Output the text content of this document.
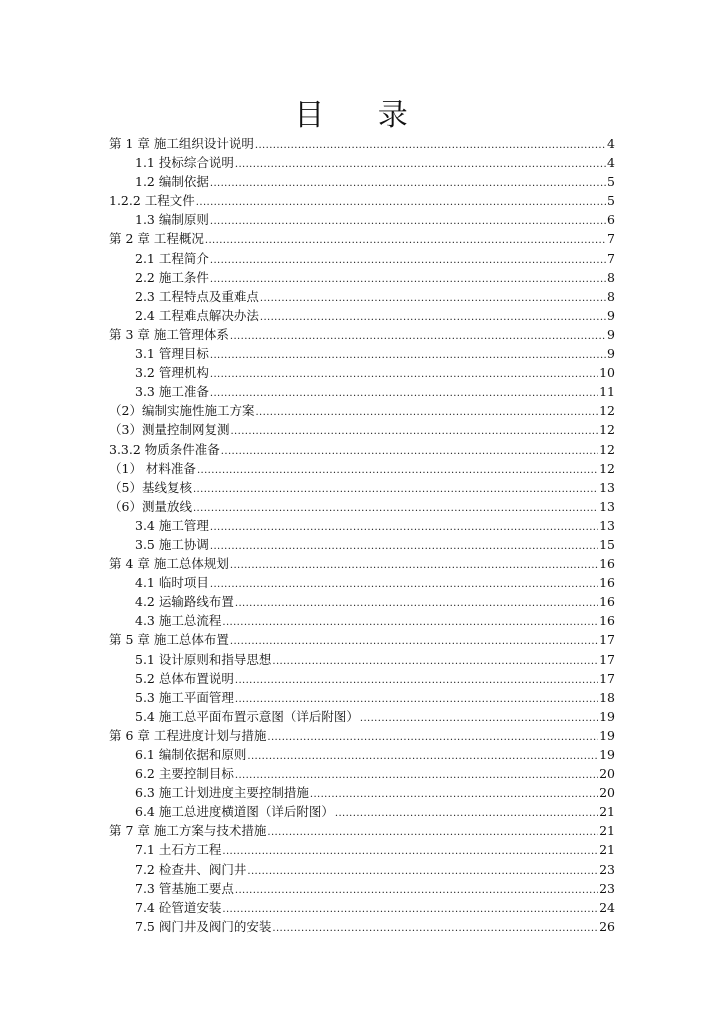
目 录
第 1 章 施工组织设计说明 .....	4
1.1 投标综合说明 .....	4
1.2 编制依据 .....	5
1.2.2 工程文件 .....	5
1.3 编制原则 .....	6
第 2 章 工程概况 .....	7
2.1 工程简介 .....	7
2.2 施工条件 .....	8
2.3 工程特点及重难点 .....	8
2.4 工程难点解决办法 .....	9
第 3 章 施工管理体系 .....	9
3.1 管理目标 .....	9
3.2 管理机构 .....	10
3.3 施工准备 .....	11
（2）编制实施性施工方案 .....	12
（3）测量控制网复测 .....	12
3.3.2 物质条件准备 .....	12
（1） 材料准备 .....	12
（5）基线复核 .....	13
（6）测量放线 .....	13
3.4 施工管理 .....	13
3.5 施工协调 .....	15
第 4 章 施工总体规划 .....	16
4.1 临时项目 .....	16
4.2 运输路线布置 .....	16
4.3 施工总流程 .....	16
第 5 章 施工总体布置 .....	17
5.1 设计原则和指导思想 .....	17
5.2 总体布置说明 .....	17
5.3 施工平面管理 .....	18
5.4 施工总平面布置示意图（详后附图） .....	19
第 6 章 工程进度计划与措施 .....	19
6.1 编制依据和原则 .....	19
6.2 主要控制目标 .....	20
6.3 施工计划进度主要控制措施 .....	20
6.4 施工总进度横道图（详后附图） .....	21
第 7 章 施工方案与技术措施 .....	21
7.1 土石方工程 .....	21
7.2 检查井、阀门井 .....	23
7.3 管基施工要点 .....	23
7.4 砼管道安装 .....	24
7.5 阀门井及阀门的安装 .....	26
